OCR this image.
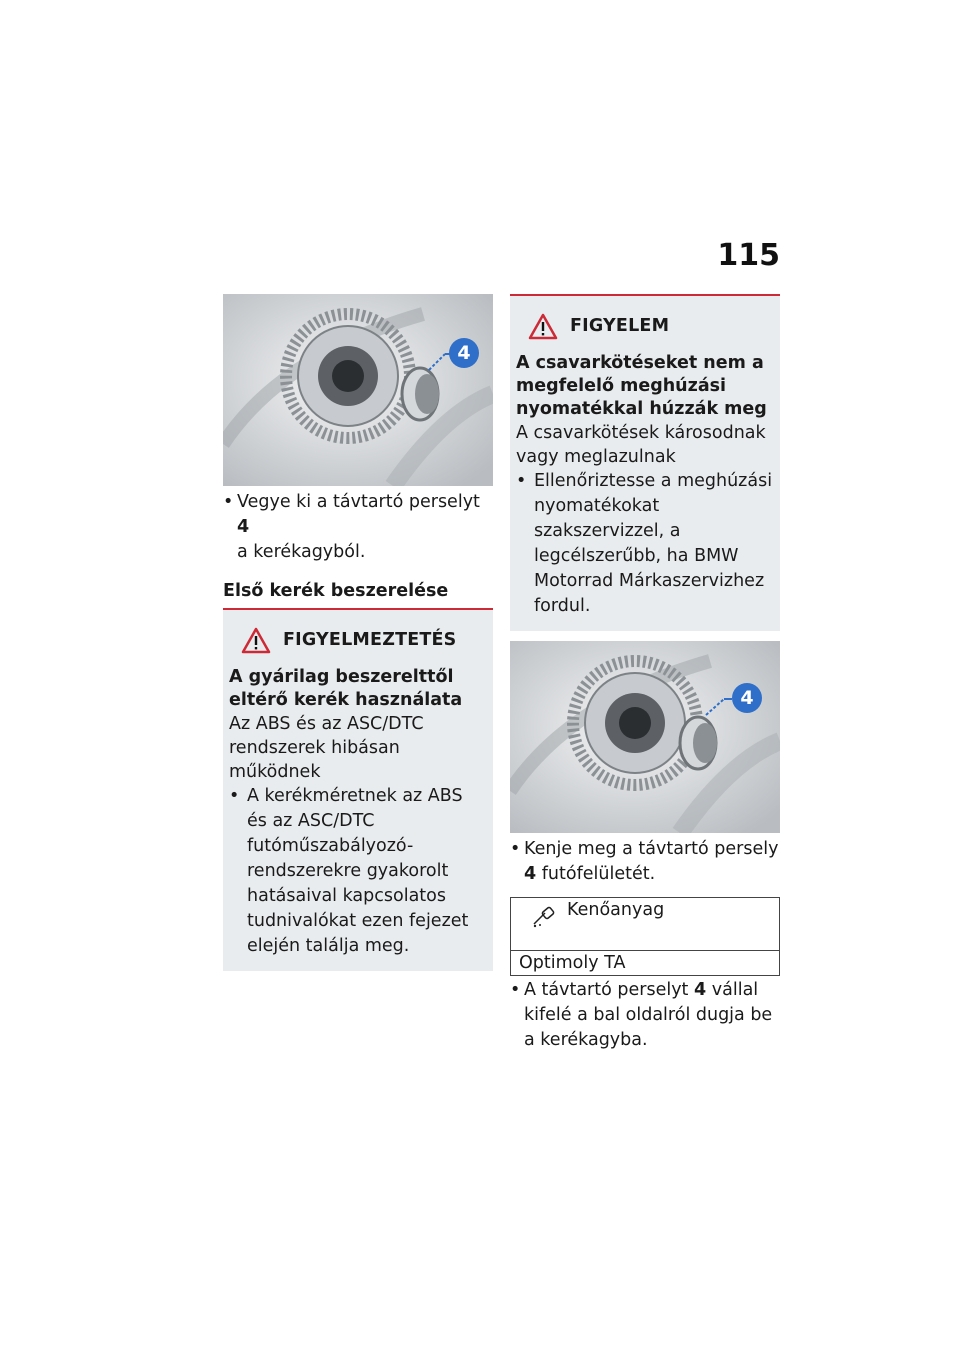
115
4
• Vegye ki a távtartó perselyt 4
a kerékagyból.
Első kerék beszerelése
FIGYELMEZTETÉS
A gyárilag beszerelttől eltérő kerék használata
Az ABS és az ASC/DTC rendszerek hibásan működnek
• A kerékméretnek az ABS és az ASC/DTC futóműszabályozó-rendszerekre gyakorolt hatásaival kapcsolatos tudnivalókat ezen fejezet elején találja meg.
FIGYELEM
A csavarkötéseket nem a megfelelő meghúzási nyomatékkal húzzák meg
A csavarkötések károsodnak vagy meglazulnak
• Ellenőriztesse a meghúzási nyomatékokat szakszervizzel, a legcélszerűbb, ha BMW Motorrad Márkaszervizhez fordul.
4
• Kenje meg a távtartó persely 4 futófelületét.
Kenőanyag
Optimoly TA
• A távtartó perselyt 4 vállal kifelé a bal oldalról dugja be a kerékagyba.
